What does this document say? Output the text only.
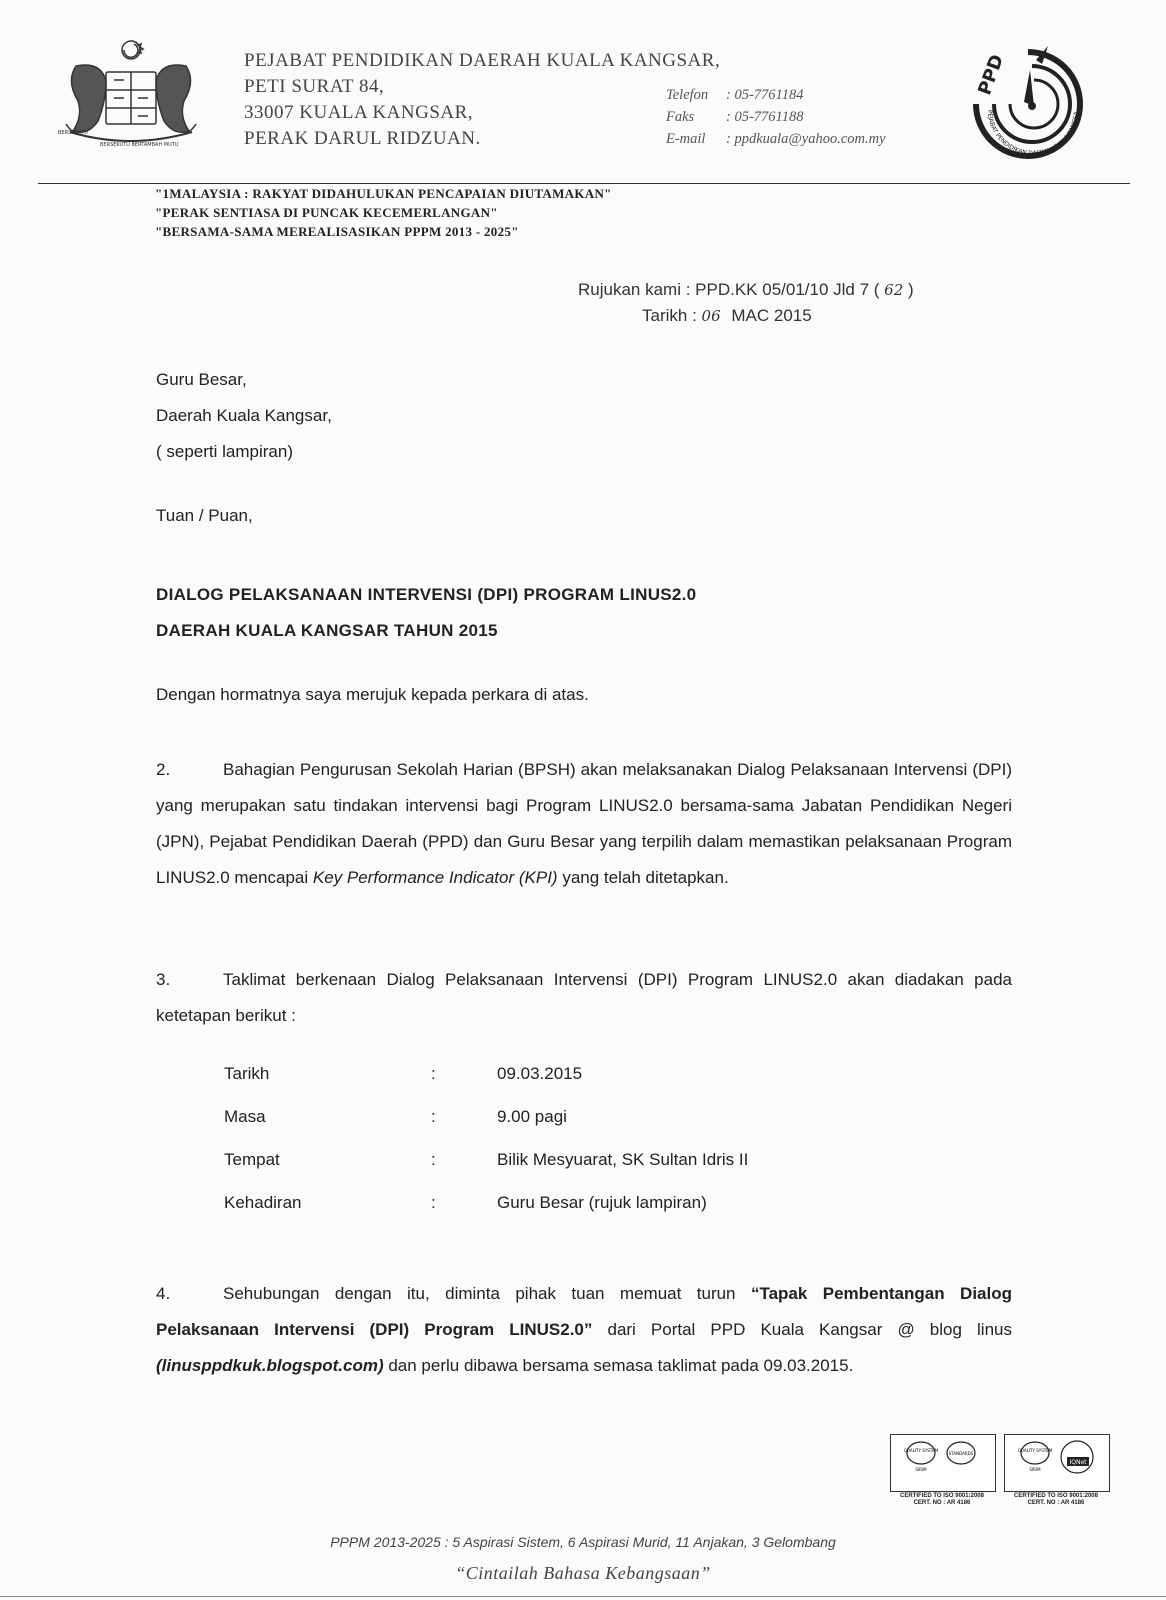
BERSEKUTU
BERSEKUTU BERTAMBAH MUTU
PEJABAT PENDIDIKAN DAERAH KUALA KANGSAR,
PETI SURAT 84,
33007 KUALA KANGSAR,
PERAK DARUL RIDZUAN.
Telefon	: 05-7761184
Faks	: 05-7761188
E-mail	: ppdkuala@yahoo.com.my
PPD
PEJABAT PENDIDIKAN DAERAH KUALA KANGSA
"1MALAYSIA : RAKYAT DIDAHULUKAN PENCAPAIAN DIUTAMAKAN"
"PERAK SENTIASA DI PUNCAK KECEMERLANGAN"
"BERSAMA-SAMA MEREALISASIKAN PPPM 2013 - 2025"
Rujukan kami : PPD.KK 05/01/10 Jld 7 ( 62 )
Tarikh : 06 MAC 2015
Guru Besar,
Daerah Kuala Kangsar,
( seperti lampiran)
Tuan / Puan,
DIALOG PELAKSANAAN INTERVENSI (DPI) PROGRAM LINUS2.0
DAERAH KUALA KANGSAR TAHUN 2015
Dengan hormatnya saya merujuk kepada perkara di atas.
2.	Bahagian Pengurusan Sekolah Harian (BPSH) akan melaksanakan Dialog Pelaksanaan Intervensi (DPI) yang merupakan satu tindakan intervensi bagi Program LINUS2.0 bersama-sama Jabatan Pendidikan Negeri (JPN), Pejabat Pendidikan Daerah (PPD) dan Guru Besar yang terpilih dalam memastikan pelaksanaan Program LINUS2.0 mencapai Key Performance Indicator (KPI) yang telah ditetapkan.
3.	Taklimat berkenaan Dialog Pelaksanaan Intervensi (DPI) Program LINUS2.0 akan diadakan pada ketetapan berikut :
Tarikh	:	09.03.2015
Masa	:	9.00 pagi
Tempat	:	Bilik Mesyuarat, SK Sultan Idris II
Kehadiran	:	Guru Besar (rujuk lampiran)
4.	Sehubungan dengan itu, diminta pihak tuan memuat turun “Tapak Pembentangan Dialog Pelaksanaan Intervensi (DPI) Program LINUS2.0” dari Portal PPD Kuala Kangsar @ blog linus (linusppdkuk.blogspot.com) dan perlu dibawa bersama semasa taklimat pada 09.03.2015.
QUALITY SYSTEM
SIRIM
STANDARDS
CERTIFIED TO ISO 9001:2008
CERT. NO : AR 4186
QUALITY SYSTEM
SIRIM
IQNet
CERTIFIED TO ISO 9001:2008
CERT. NO : AR 4186
PPPM 2013-2025 : 5 Aspirasi Sistem, 6 Aspirasi Murid, 11 Anjakan, 3 Gelombang
“Cintailah Bahasa Kebangsaan”
